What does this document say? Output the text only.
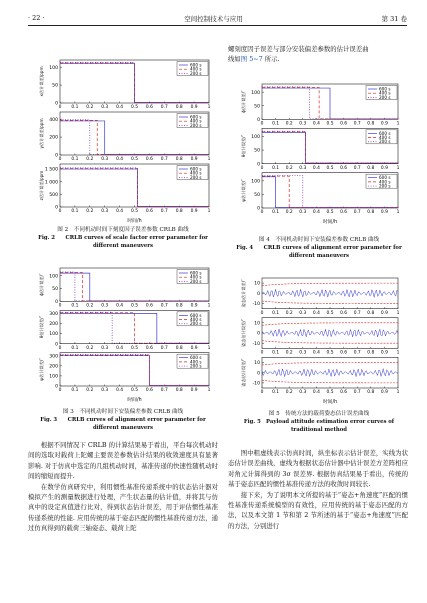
· 22 ·	空间控制技术与应用	第 31 卷
100
50
0
x估计误差/ppm
0 0.1 0.2 0.3 0.4 0.5 0.6 0.7 0.8 0.9 1
600 s
400 s
200 s
400
200
0
y估计误差/ppm
0 0.1 0.2 0.3 0.4 0.5 0.6 0.7 0.8 0.9 1
600 s
400 s
200 s
1 500
1 000
500
0
z估计误差/ppm
0 0.1 0.2 0.3 0.4 0.5 0.6 0.7 0.8 0.9 1
600 s
400 s
200 s
时间/h
图 2　不同机动时间下刻度因子误差参数 CRLB 曲线
Fig. 2　　CRLB curves of scale factor error parameter for
different maneuvers
100
50
0
ϕ估计误差/″
0 0.1 0.2 0.3 0.4 0.5 0.6 0.7 0.8 0.9 1
600 s
400 s
200 s
300
200
100
0
θ估计误差/″
0 0.1 0.2 0.3 0.4 0.5 0.6 0.7 0.8 0.9 1
600 s
400 s
200 s
300
200
100
0
ψ估计误差/″
0 0.1 0.2 0.3 0.4 0.5 0.6 0.7 0.8 0.9 1
600 s
400 s
200 s
时间/h
图 3　不同机动时间下安装偏差参数 CRLB 曲线
Fig. 3　　CRLB curves of alignment error parameter for
different maneuvers

根据不同情况下 CRLB 的计算结果易于看出，平台每次机动时间的选取对载荷上陀螺主要误差参数估计结果的收敛速度具有显著影响. 对于仿真中选定的几组机动时间，基准传递的快速性随机动时间的缩短而提升.

在数学仿真研究中，利用惯性基准传递系统中的状态估计器对模拟产生的测量数据进行处理，产生状态量的估计值，并将其与仿真中的设定真值进行比对，得到状态估计误差，用于评估惯性基准传递系统的性能. 应用传统的基于姿态匹配的惯性基准传递方法，通过仿真得到的载荷三轴姿态、载荷上陀

螺刻度因子误差与部分安装偏差参数的估计误差曲
线如图 5~7 所示.
100
50
0
ϕ估计误差/″
0 0.1 0.2 0.3 0.4 0.5 0.6 0.7 0.8 0.9 1
600 s
400 s
200 s
100
50
0
θ估计误差/″
0 0.1 0.2 0.3 0.4 0.5 0.6 0.7 0.8 0.9 1
600 s
400 s
200 s
100
50
0
ψ估计误差/″
0 0.1 0.2 0.3 0.4 0.5 0.6 0.7 0.8 0.9 1
600 s
400 s
200 s
时间/h
图 4　不同机动时间下安装偏差参数 CRLB 曲线
Fig. 4　　CRLB curves of alignment error parameter for
different maneuvers
10
0
-10
姿态估计误差/″
0 0.1 0.2 0.3 0.4 0.5 0.6 0.7 0.8 0.9 1
10
0
-10
姿态估计误差/″
0 0.1 0.2 0.3 0.4 0.5 0.6 0.7 0.8 0.9 1
10
0
-10
姿态估计误差/″
0 0.1 0.2 0.3 0.4 0.5 0.6 0.7 0.8 0.9 1
时间/h
图 5　传统方法的载荷姿态估计误差曲线
Fig. 5　Payload attitude estimation error curves of
traditional method

图中粗虚线表示仿真时间，纵坐标表示估计误差，实线为状态估计误差曲线，虚线为根据状态估计器中估计误差方差阵相应对角元计算得到的 3σ 误差界. 根据仿真结果易于看出，传统的基于姿态匹配的惯性基准传递方法的收敛时间较长.

接下来，为了说明本文所提的基于“姿态+角速度”匹配的惯性基准传递系统模型的有效性，应用传统的基于姿态匹配的方法，以及本文第 1 节和第 2 节所述的基于“姿态+角速度”匹配的方法，分别进行
